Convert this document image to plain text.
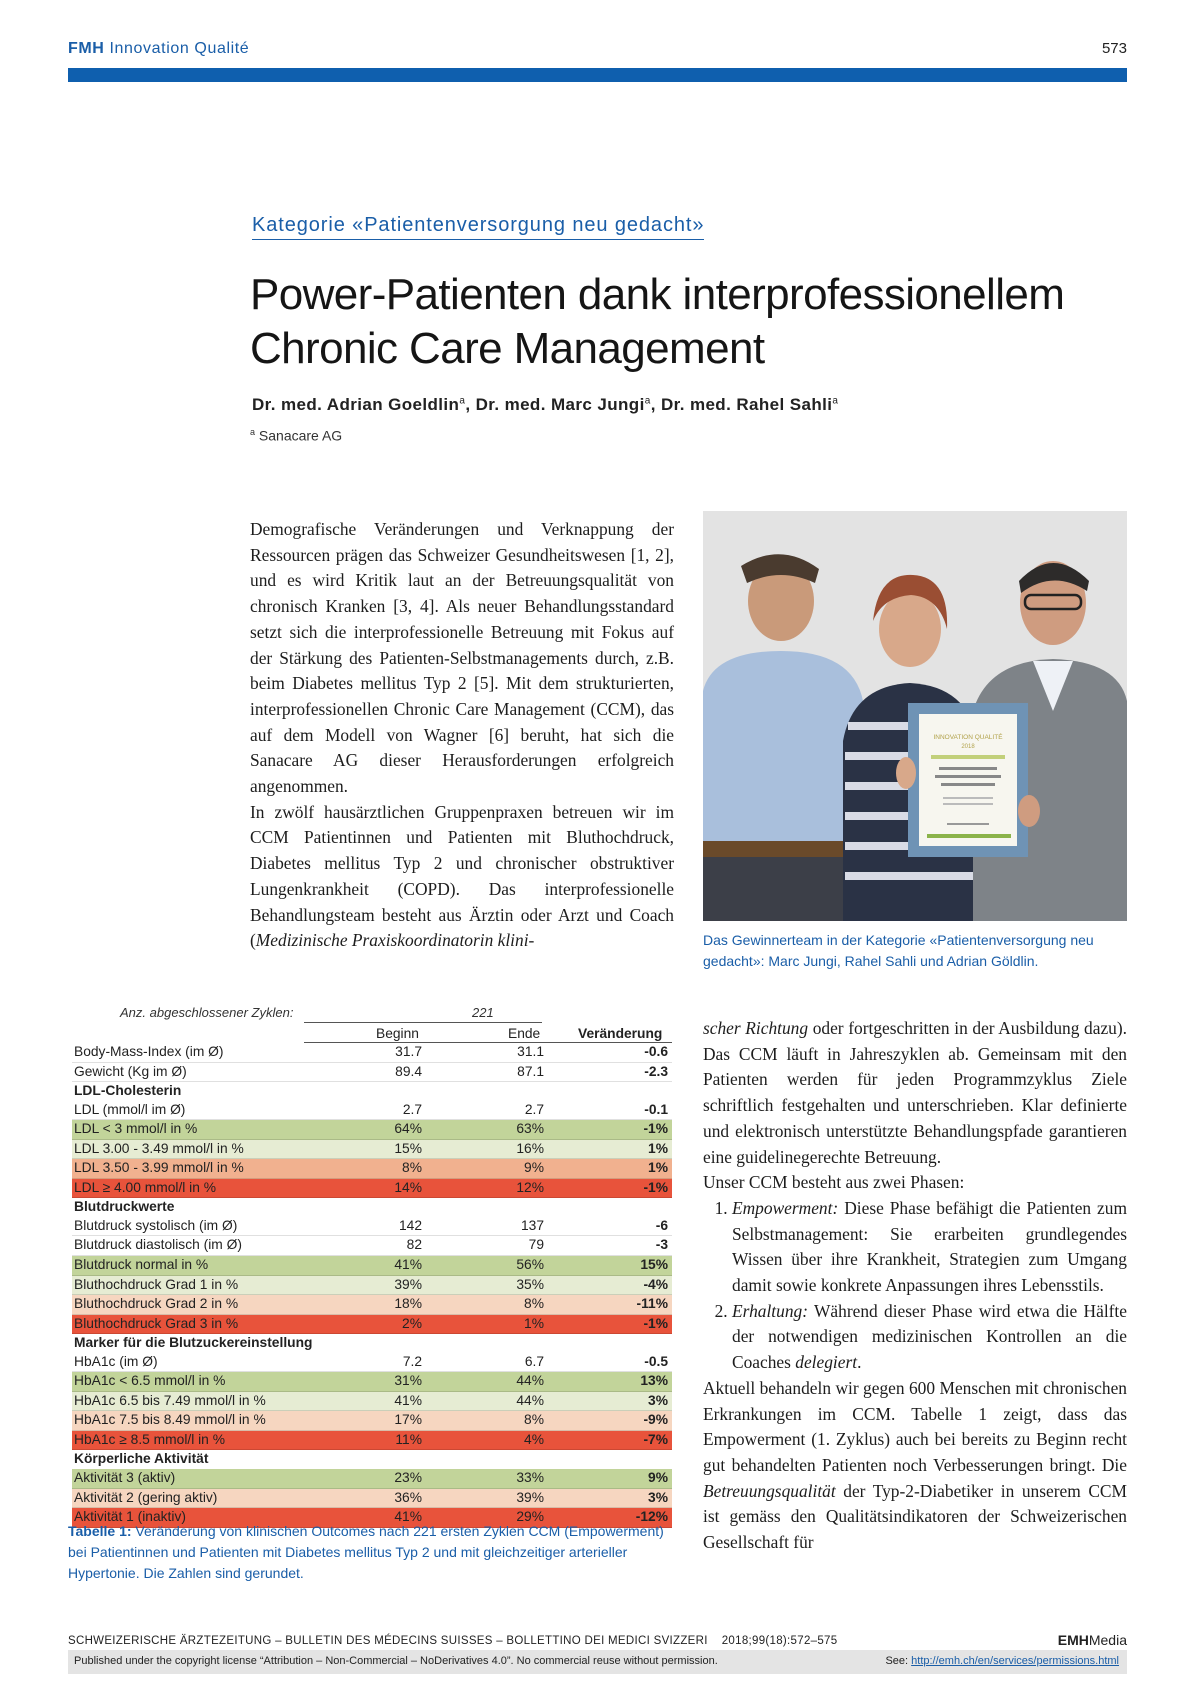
FMH Innovation Qualité	573
Kategorie «Patientenversorgung neu gedacht»
Power-Patienten dank interprofessionellem
Chronic Care Management
Dr. med. Adrian Goeldlin$^a$, Dr. med. Marc Jungi$^a$, Dr. med. Rahel Sahli$^a$
$^a$ Sanacare AG

Demografische Veränderungen und Verknappung der Ressourcen prägen das Schweizer Gesundheitswesen [1, 2], und es wird Kritik laut an der Betreuungsqualität von chronisch Kranken [3, 4]. Als neuer Behandlungsstandard setzt sich die interprofessionelle Betreuung mit Fokus auf der Stärkung des Patienten-Selbstmanagements durch, z.B. beim Diabetes mellitus Typ 2 [5]. Mit dem strukturierten, interprofessionellen Chronic Care Management (CCM), das auf dem Modell von Wagner [6] beruht, hat sich die Sanacare AG dieser Herausforderungen erfolgreich angenommen.

In zwölf hausärztlichen Gruppenpraxen betreuen wir im CCM Patientinnen und Patienten mit Bluthochdruck, Diabetes mellitus Typ 2 und chronischer obstruktiver Lungenkrankheit (COPD). Das interprofessionelle Behandlungsteam besteht aus Ärztin oder Arzt und Coach (Medizinische Praxiskoordinatorin klini-

INNOVATION QUALITÉ
2018
Das Gewinnerteam in der Kategorie «Patientenversorgung neu gedacht»: Marc Jungi, Rahel Sahli und Adrian Göldlin.
Anz. abgeschlossener Zyklen:	221
Beginn	Ende	Veränderung
Body-Mass-Index (im Ø)	31.7	31.1	-0.6
Gewicht (Kg im Ø)	89.4	87.1	-2.3
LDL-Cholesterin
LDL (mmol/l im Ø)	2.7	2.7	-0.1
LDL < 3 mmol/l in %	64%	63%	-1%
LDL 3.00 - 3.49 mmol/l in %	15%	16%	1%
LDL 3.50 - 3.99 mmol/l in %	8%	9%	1%
LDL ≥ 4.00 mmol/l in %	14%	12%	-1%
Blutdruckwerte
Blutdruck systolisch (im Ø)	142	137	-6
Blutdruck diastolisch (im Ø)	82	79	-3
Blutdruck normal in %	41%	56%	15%
Bluthochdruck Grad 1 in %	39%	35%	-4%
Bluthochdruck Grad 2 in %	18%	8%	-11%
Bluthochdruck Grad 3 in %	2%	1%	-1%
Marker für die Blutzuckereinstellung
HbA1c (im Ø)	7.2	6.7	-0.5
HbA1c < 6.5 mmol/l in %	31%	44%	13%
HbA1c 6.5 bis 7.49 mmol/l in %	41%	44%	3%
HbA1c 7.5 bis 8.49 mmol/l in %	17%	8%	-9%
HbA1c ≥ 8.5 mmol/l in %	11%	4%	-7%
Körperliche Aktivität
Aktivität 3 (aktiv)	23%	33%	9%
Aktivität 2 (gering aktiv)	36%	39%	3%
Aktivität 1 (inaktiv)	41%	29%	-12%
Tabelle 1: Veränderung von klinischen Outcomes nach 221 ersten Zyklen CCM (Empowerment) bei Patientinnen und Patienten mit Diabetes mellitus Typ 2 und mit gleichzeitiger arterieller Hypertonie. Die Zahlen sind gerundet.

scher Richtung oder fortgeschritten in der Ausbildung dazu). Das CCM läuft in Jahreszyklen ab. Gemeinsam mit den Patienten werden für jeden Programmzyklus Ziele schriftlich festgehalten und unterschrieben. Klar definierte und elektronisch unterstützte Behandlungspfade garantieren eine guidelinegerechte Betreuung.

Unser CCM besteht aus zwei Phasen:

1. Empowerment: Diese Phase befähigt die Patienten zum Selbstmanagement: Sie erarbeiten grundlegendes Wissen über ihre Krankheit, Strategien zum Umgang damit sowie konkrete Anpassungen ihres Lebensstils.
2. Erhaltung: Während dieser Phase wird etwa die Hälfte der notwendigen medizinischen Kontrollen an die Coaches delegiert.

Aktuell behandeln wir gegen 600 Menschen mit chronischen Erkrankungen im CCM. Tabelle 1 zeigt, dass das Empowerment (1. Zyklus) auch bei bereits zu Beginn recht gut behandelten Patienten noch Verbesserungen bringt. Die Betreuungsqualität der Typ-2-Diabetiker in unserem CCM ist gemäss den Qualitätsindikatoren der Schweizerischen Gesellschaft für

SCHWEIZERISCHE ÄRZTEZEITUNG – BULLETIN DES MÉDECINS SUISSES – BOLLETTINO DEI MEDICI SVIZZERI    2018;99(18):572–575	EMHMedia
Published under the copyright license “Attribution – Non-Commercial – NoDerivatives 4.0”. No commercial reuse without permission.	See: http://emh.ch/en/services/permissions.html
